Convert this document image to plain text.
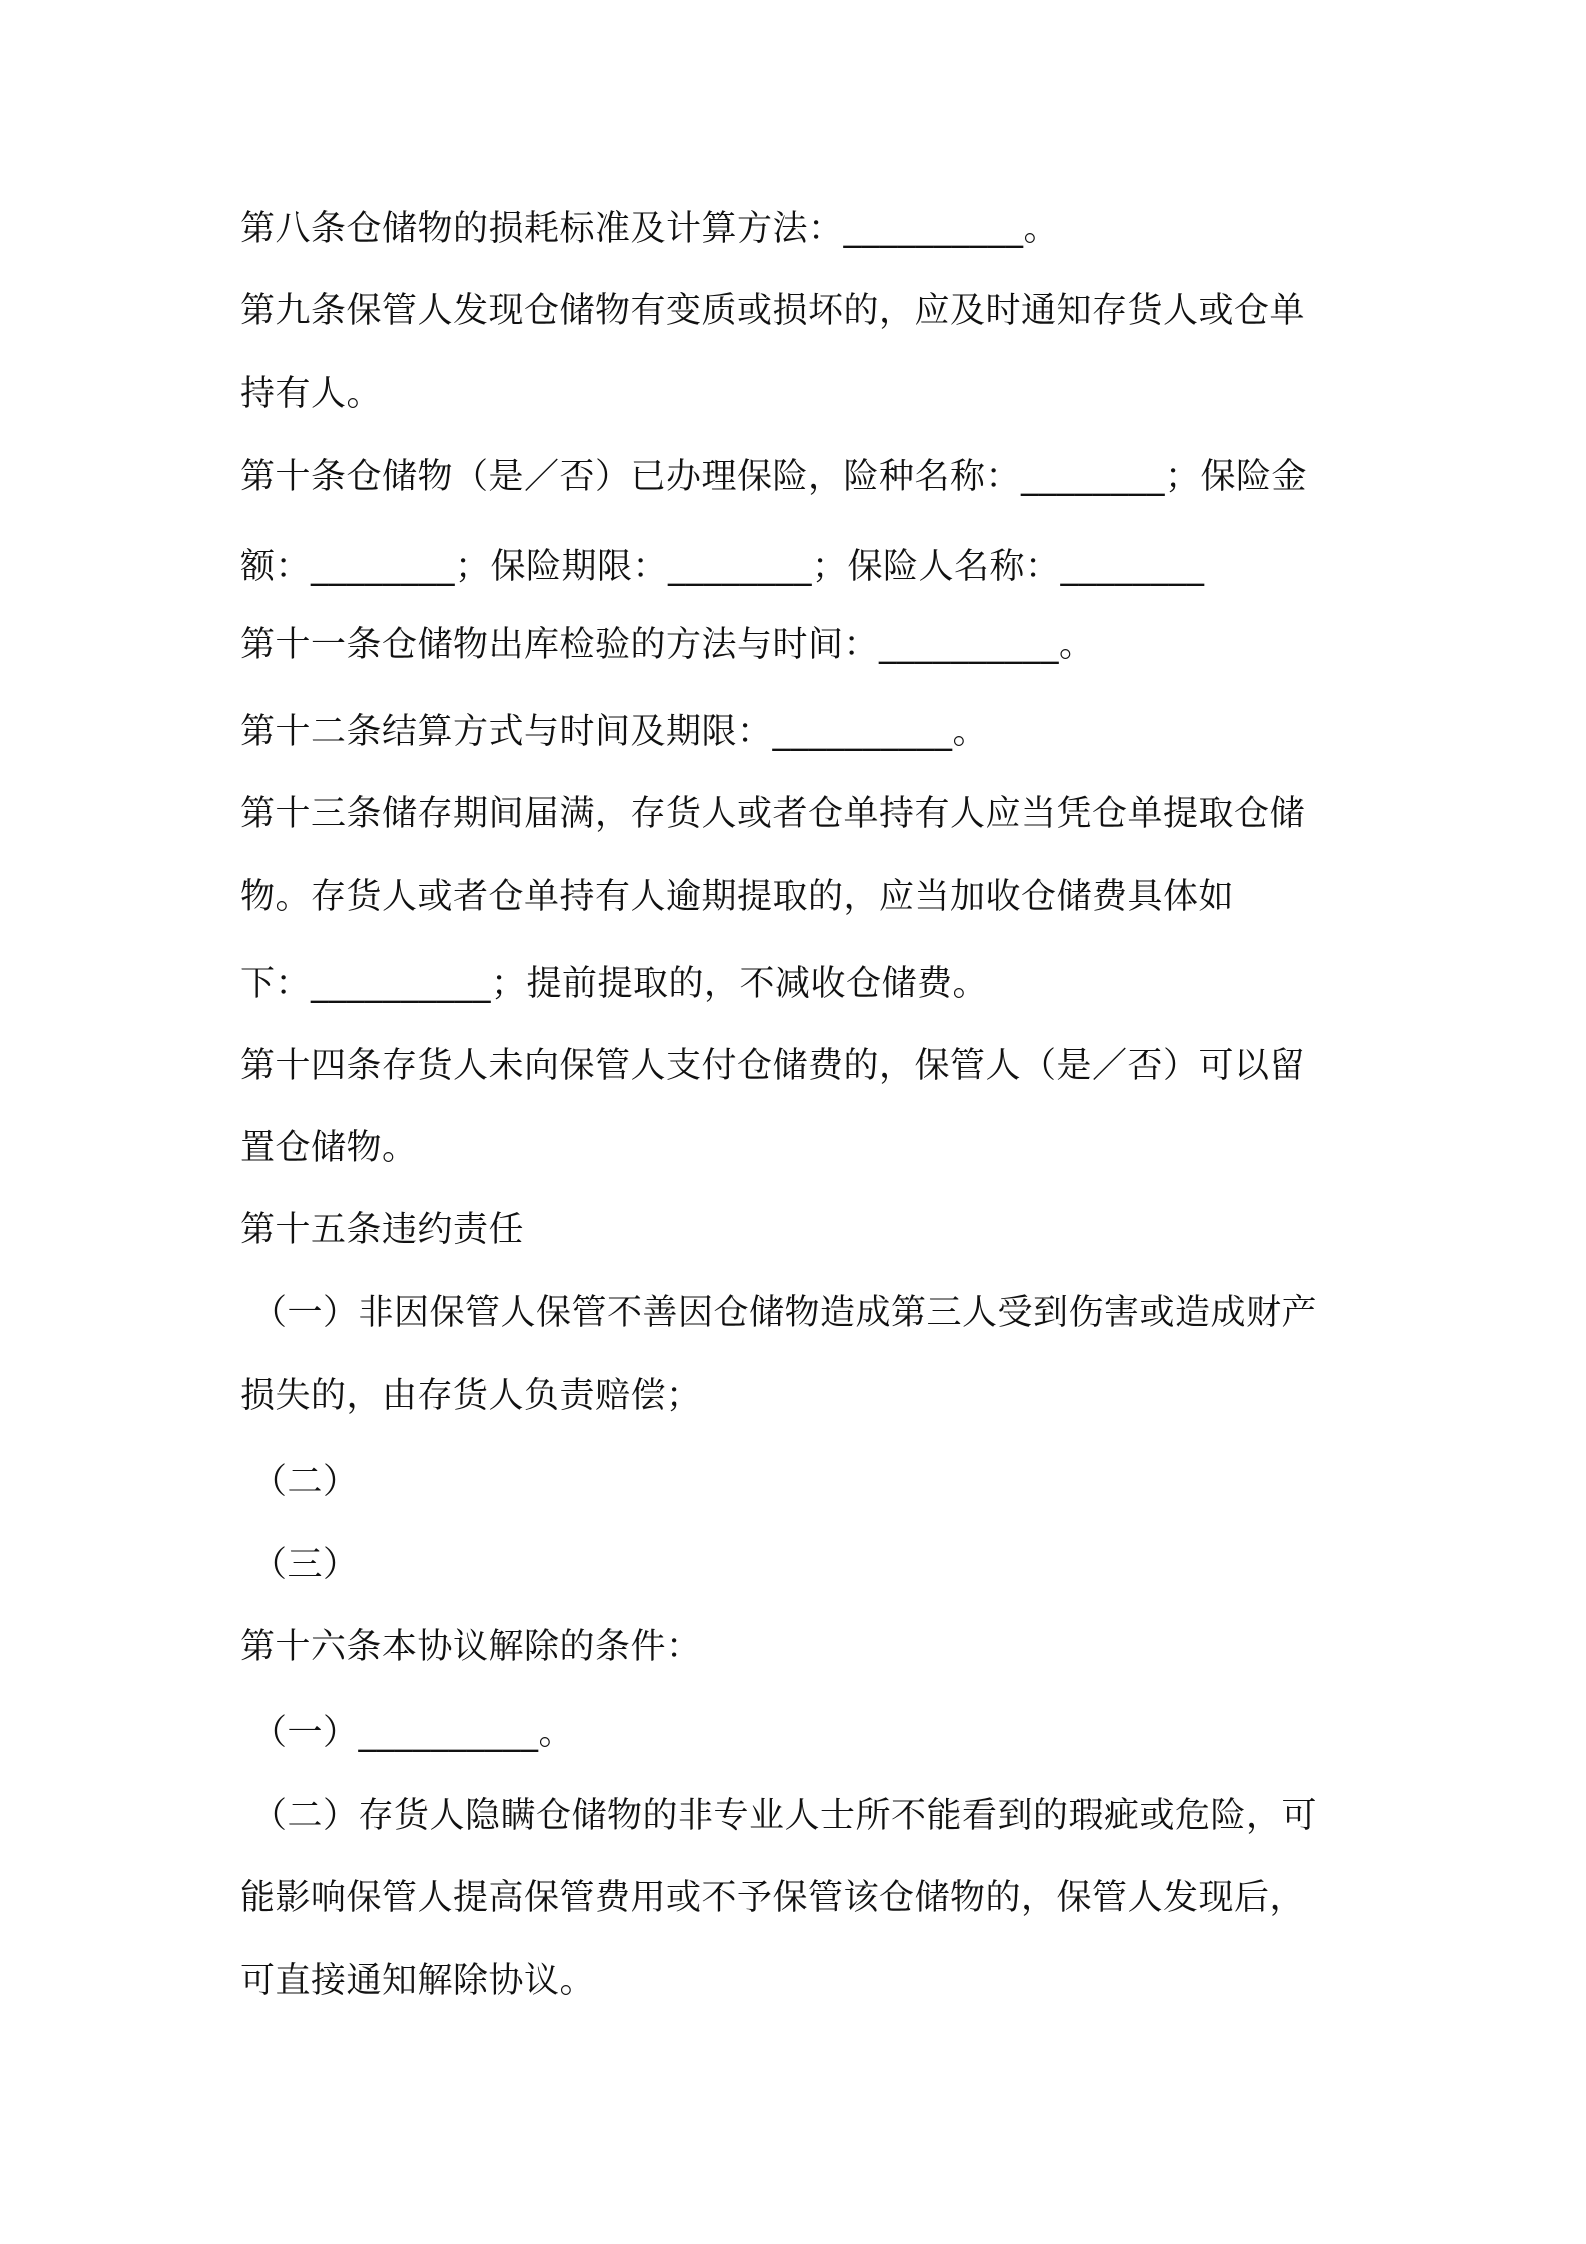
第八条仓储物的损耗标准及计算方法：__________。
第九条保管人发现仓储物有变质或损坏的，应及时通知存货人或仓单
持有人。
第十条仓储物（是／否）已办理保险，险种名称：________；保险金
额：________；保险期限：________；保险人名称：________
第十一条仓储物出库检验的方法与时间：__________。
第十二条结算方式与时间及期限：__________。
第十三条储存期间届满，存货人或者仓单持有人应当凭仓单提取仓储
物。存货人或者仓单持有人逾期提取的，应当加收仓储费具体如
下：__________；提前提取的，不减收仓储费。
第十四条存货人未向保管人支付仓储费的，保管人（是／否）可以留
置仓储物。
第十五条违约责任
（一）非因保管人保管不善因仓储物造成第三人受到伤害或造成财产
损失的，由存货人负责赔偿；
（二）
（三）
第十六条本协议解除的条件：
（一）__________。
（二）存货人隐瞒仓储物的非专业人士所不能看到的瑕疵或危险，可
能影响保管人提高保管费用或不予保管该仓储物的，保管人发现后，
可直接通知解除协议。
